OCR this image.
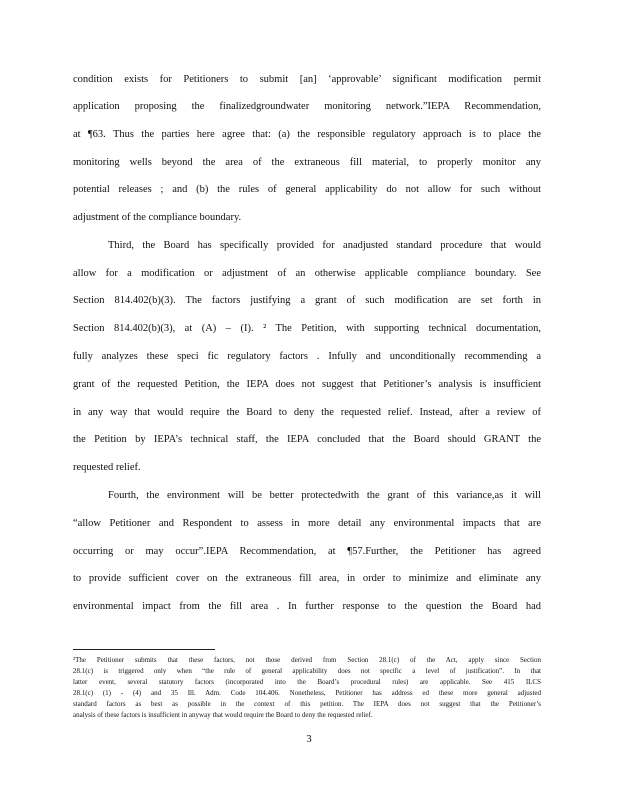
condition exists for Petitioners to submit [an] ‘approvable’ significant modification permit
application proposing the finalizedgroundwater monitoring network.”IEPA Recommendation,
at ¶63. Thus the parties here agree that: (a) the responsible regulatory approach is to place the
monitoring wells beyond the area of the extraneous fill material, to properly monitor any
potential releases ; and (b) the rules of general applicability do not allow for such without
adjustment of the compliance boundary.
Third, the Board has specifically provided for anadjusted standard procedure that would
allow for a modification or adjustment of an otherwise applicable compliance boundary. See
Section 814.402(b)(3). The factors justifying a grant of such modification are set forth in
Section 814.402(b)(3), at (A) – (I). ² The Petition, with supporting technical documentation,
fully analyzes these speci fic regulatory factors . Infully and unconditionally recommending a
grant of the requested Petition, the IEPA does not suggest that Petitioner’s analysis is insufficient
in any way that would require the Board to deny the requested relief. Instead, after a review of
the Petition by IEPA’s technical staff, the IEPA concluded that the Board should GRANT the
requested relief.
Fourth, the environment will be better protectedwith the grant of this variance,as it will
“allow Petitioner and Respondent to assess in more detail any environmental impacts that are
occurring or may occur”.IEPA Recommendation, at ¶57.Further, the Petitioner has agreed
to provide sufficient cover on the extraneous fill area, in order to minimize and eliminate any
environmental impact from the fill area . In further response to the question the Board had
²The Petitioner submits that these factors, not those derived from Section 28.1(c) of the Act, apply since Section
28.1(c) is triggered only when “the rule of general applicability does not specific a level of justification”. In that
latter event, several statutory factors (incorporated into the Board’s procedural rules) are applicable. See 415 ILCS
28.1(c) (1) - (4) and 35 Ill. Adm. Code 104.406. Nonetheless, Petitioner has address ed these more general adjusted
standard factors as best as possible in the context of this petition. The IEPA does not suggest that the Petitioner’s
analysis of these factors is insufficient in anyway that would require the Board to deny the requested relief.
3
